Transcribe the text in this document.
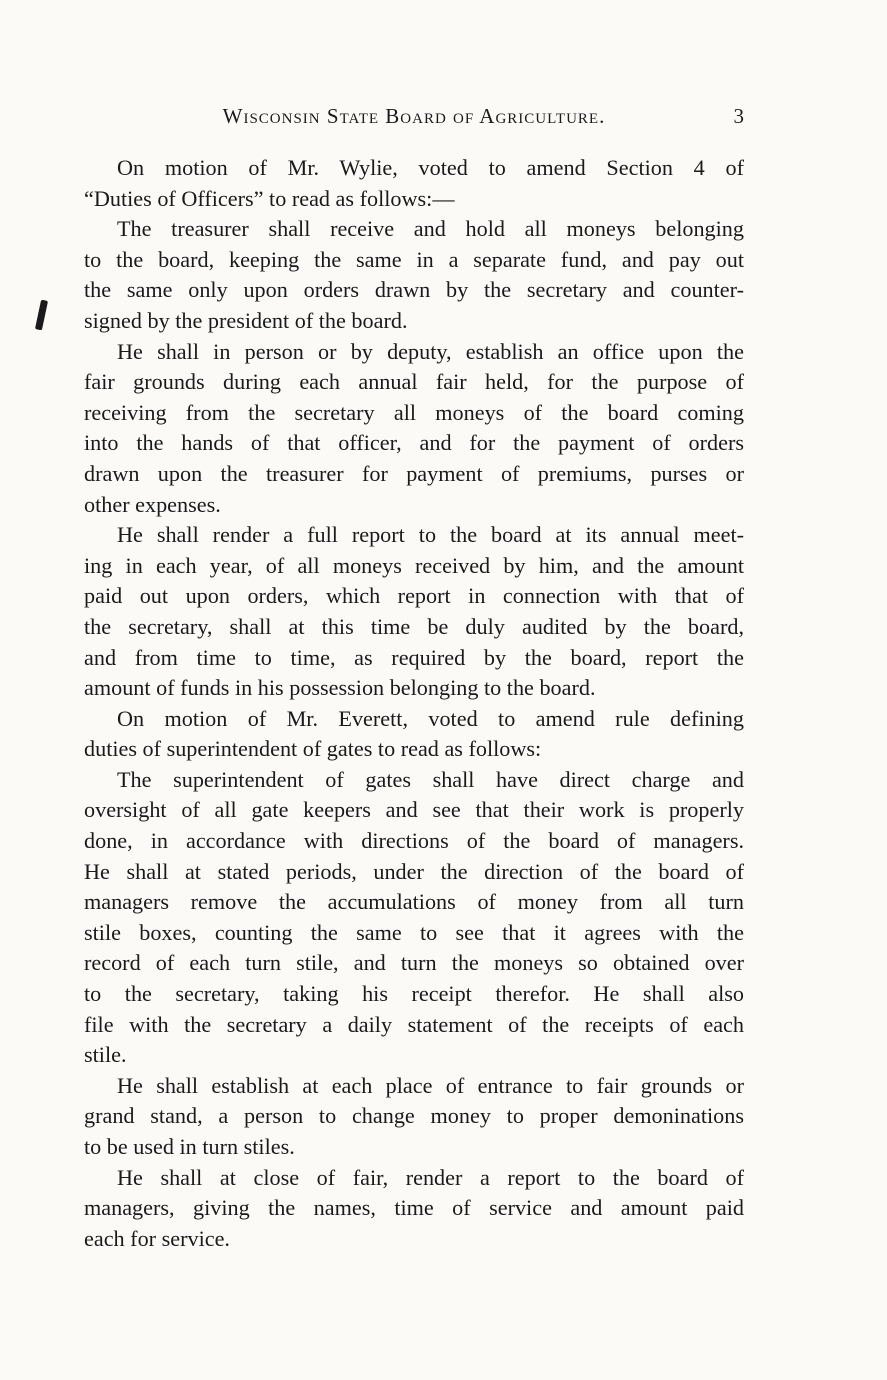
Wisconsin State Board of Agriculture.	3
On motion of Mr. Wylie, voted to amend Section 4 of
“Duties of Officers” to read as follows:—
The treasurer shall receive and hold all moneys belonging
to the board, keeping the same in a separate fund, and pay out
the same only upon orders drawn by the secretary and counter-
signed by the president of the board.
He shall in person or by deputy, establish an office upon the
fair grounds during each annual fair held, for the purpose of
receiving from the secretary all moneys of the board coming
into the hands of that officer, and for the payment of orders
drawn upon the treasurer for payment of premiums, purses or
other expenses.
He shall render a full report to the board at its annual meet-
ing in each year, of all moneys received by him, and the amount
paid out upon orders, which report in connection with that of
the secretary, shall at this time be duly audited by the board,
and from time to time, as required by the board, report the
amount of funds in his possession belonging to the board.
On motion of Mr. Everett, voted to amend rule defining
duties of superintendent of gates to read as follows:
The superintendent of gates shall have direct charge and
oversight of all gate keepers and see that their work is properly
done, in accordance with directions of the board of managers.
He shall at stated periods, under the direction of the board of
managers remove the accumulations of money from all turn
stile boxes, counting the same to see that it agrees with the
record of each turn stile, and turn the moneys so obtained over
to the secretary, taking his receipt therefor. He shall also
file with the secretary a daily statement of the receipts of each
stile.
He shall establish at each place of entrance to fair grounds or
grand stand, a person to change money to proper demoninations
to be used in turn stiles.
He shall at close of fair, render a report to the board of
managers, giving the names, time of service and amount paid
each for service.
